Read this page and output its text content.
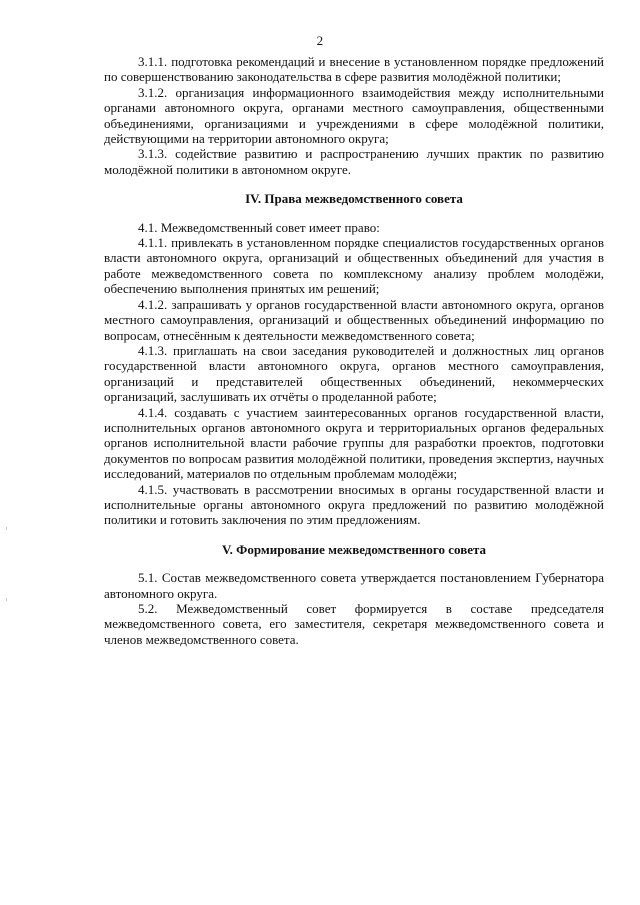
2

3.1.1. подготовка рекомендаций и внесение в установленном порядке предложений по совершенствованию законодательства в сфере развития молодёжной политики;

3.1.2. организация информационного взаимодействия между исполнительными органами автономного округа, органами местного самоуправления, общественными объединениями, организациями и учреждениями в сфере молодёжной политики, действующими на территории автономного округа;

3.1.3. содействие развитию и распространению лучших практик по развитию молодёжной политики в автономном округе.

IV. Права межведомственного совета

4.1. Межведомственный совет имеет право:

4.1.1. привлекать в установленном порядке специалистов государственных органов власти автономного округа, организаций и общественных объединений для участия в работе межведомственного совета по комплексному анализу проблем молодёжи, обеспечению выполнения принятых им решений;

4.1.2. запрашивать у органов государственной власти автономного округа, органов местного самоуправления, организаций и общественных объединений информацию по вопросам, отнесённым к деятельности межведомственного совета;

4.1.3. приглашать на свои заседания руководителей и должностных лиц органов государственной власти автономного округа, органов местного самоуправления, организаций и представителей общественных объединений, некоммерческих организаций, заслушивать их отчёты о проделанной работе;

4.1.4. создавать с участием заинтересованных органов государственной власти, исполнительных органов автономного округа и территориальных органов федеральных органов исполнительной власти рабочие группы для разработки проектов, подготовки документов по вопросам развития молодёжной политики, проведения экспертиз, научных исследований, материалов по отдельным проблемам молодёжи;

4.1.5. участвовать в рассмотрении вносимых в органы государственной власти и исполнительные органы автономного округа предложений по развитию молодёжной политики и готовить заключения по этим предложениям.

V. Формирование межведомственного совета

5.1. Состав межведомственного совета утверждается постановлением Губернатора автономного округа.

5.2. Межведомственный совет формируется в составе председателя межведомственного совета, его заместителя, секретаря межведомственного совета и членов межведомственного совета.
